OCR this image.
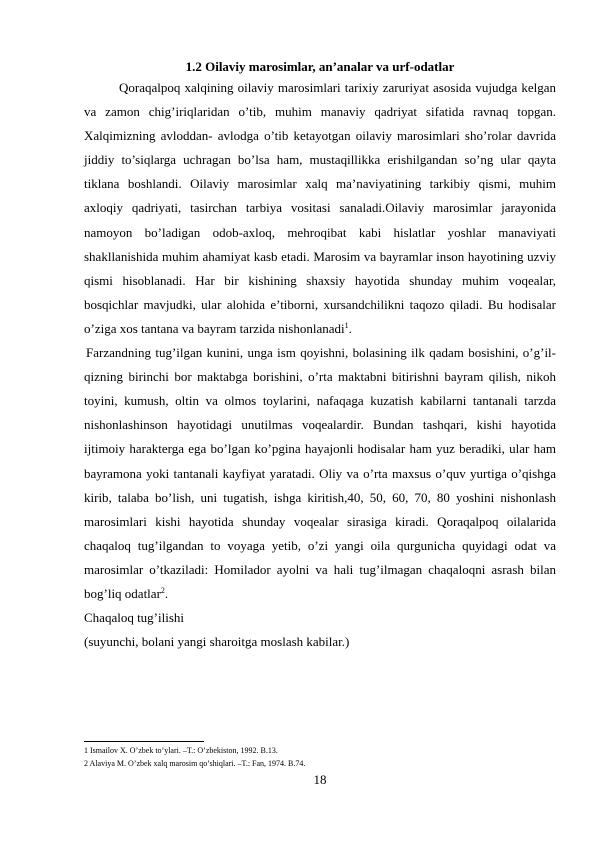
1.2 Oilaviy marosimlar, an’analar va urf-odatlar

Qoraqalpoq xalqining oilaviy marosimlari tarixiy zaruriyat asosida vujudga kelgan va zamon chig’iriqlaridan o’tib, muhim manaviy qadriyat sifatida ravnaq topgan. Xalqimizning avloddan- avlodga o’tib ketayotgan oilaviy marosimlari sho’rolar davrida jiddiy to’siqlarga uchragan bo’lsa ham, mustaqillikka erishilgandan so’ng ular qayta tiklana boshlandi. Oilaviy marosimlar xalq ma’naviyatining tarkibiy qismi, muhim axloqiy qadriyati, tasirchan tarbiya vositasi sanaladi.Oilaviy marosimlar jarayonida namoyon bo’ladigan odob-axloq, mehroqibat kabi hislatlar yoshlar manaviyati shakllanishida muhim ahamiyat kasb etadi. Marosim va bayramlar inson hayotining uzviy qismi hisoblanadi. Har bir kishining shaxsiy hayotida shunday muhim voqealar, bosqichlar mavjudki, ular alohida e’tiborni, xursandchilikni taqozo qiladi. Bu hodisalar o’ziga xos tantana va bayram tarzida nishonlanadi$^1$.

Farzandning tug’ilgan kunini, unga ism qoyishni, bolasining ilk qadam bosishini, o’g’il- qizning birinchi bor maktabga borishini, o’rta maktabni bitirishni bayram qilish, nikoh toyini, kumush, oltin va olmos toylarini, nafaqaga kuzatish kabilarni tantanali tarzda nishonlashinson hayotidagi unutilmas voqealardir. Bundan tashqari, kishi hayotida ijtimoiy harakterga ega bo’lgan ko’pgina hayajonli hodisalar ham yuz beradiki, ular ham bayramona yoki tantanali kayfiyat yaratadi. Oliy va o’rta maxsus o’quv yurtiga o’qishga kirib, talaba bo’lish, uni tugatish, ishga kiritish,40, 50, 60, 70, 80 yoshini nishonlash marosimlari kishi hayotida shunday voqealar sirasiga kiradi. Qoraqalpoq oilalarida chaqaloq tug’ilgandan to voyaga yetib, o’zi yangi oila qurgunicha quyidagi odat va marosimlar o’tkaziladi: Homilador ayolni va hali tug’ilmagan chaqaloqni asrash bilan bog’liq odatlar$^2$.

Chaqaloq tug’ilishi

(suyunchi, bolani yangi sharoitga moslash kabilar.)

1 Ismailov X. O’zbek to’ylari. –T.: O’zbekiston, 1992. B.13.
2 Alaviya M. O’zbek xalq marosim qo’shiqlari. –T.: Fan, 1974. B.74.
18
